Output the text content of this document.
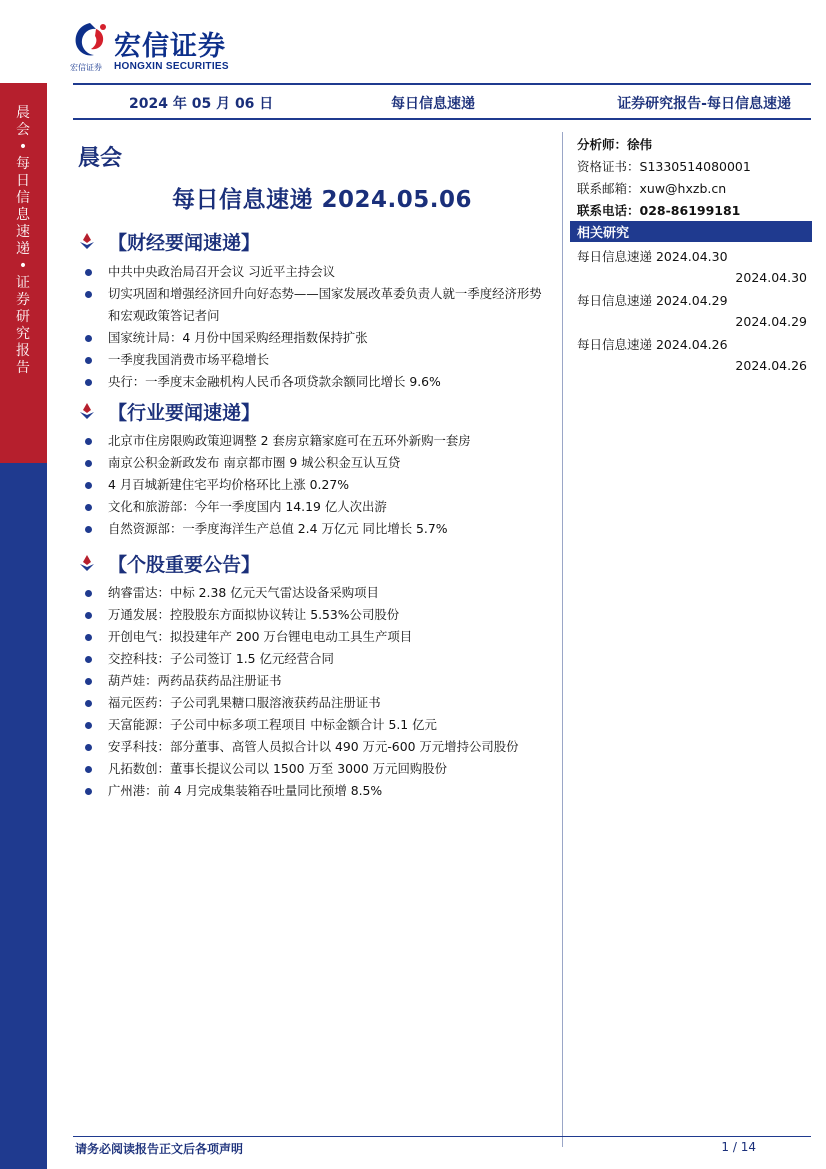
宏信证券
宏信证券 HONGXIN SECURITIES
晨
会
•
每
日
信
息
速
递
•
证
券
研
究
报
告
2024 年 05 月 06 日	每日信息速递	证券研究报告-每日信息速递
晨会
每日信息速递 2024.05.06
【财经要闻速递】
中共中央政治局召开会议 习近平主持会议
切实巩固和增强经济回升向好态势——国家发展改革委负责人就一季度经济形势和宏观政策答记者问
国家统计局：4 月份中国采购经理指数保持扩张
一季度我国消费市场平稳增长
央行：一季度末金融机构人民币各项贷款余额同比增长 9.6%
【行业要闻速递】
北京市住房限购政策迎调整 2 套房京籍家庭可在五环外新购一套房
南京公积金新政发布 南京都市圈 9 城公积金互认互贷
4 月百城新建住宅平均价格环比上涨 0.27%
文化和旅游部：今年一季度国内 14.19 亿人次出游
自然资源部：一季度海洋生产总值 2.4 万亿元 同比增长 5.7%
【个股重要公告】
纳睿雷达：中标 2.38 亿元天气雷达设备采购项目
万通发展：控股股东方面拟协议转让 5.53%公司股份
开创电气：拟投建年产 200 万台锂电电动工具生产项目
交控科技：子公司签订 1.5 亿元经营合同
葫芦娃：两药品获药品注册证书
福元医药：子公司乳果糖口服溶液获药品注册证书
天富能源：子公司中标多项工程项目 中标金额合计 5.1 亿元
安孚科技：部分董事、高管人员拟合计以 490 万元-600 万元增持公司股份
凡拓数创：董事长提议公司以 1500 万至 3000 万元回购股份
广州港：前 4 月完成集装箱吞吐量同比预增 8.5%
分析师：徐伟
资格证书：S1330514080001
联系邮箱：xuw@hxzb.cn
联系电话：028-86199181
相关研究
每日信息速递 2024.04.30
2024.04.30
每日信息速递 2024.04.29
2024.04.29
每日信息速递 2024.04.26
2024.04.26
请务必阅读报告正文后各项声明	1 / 14
